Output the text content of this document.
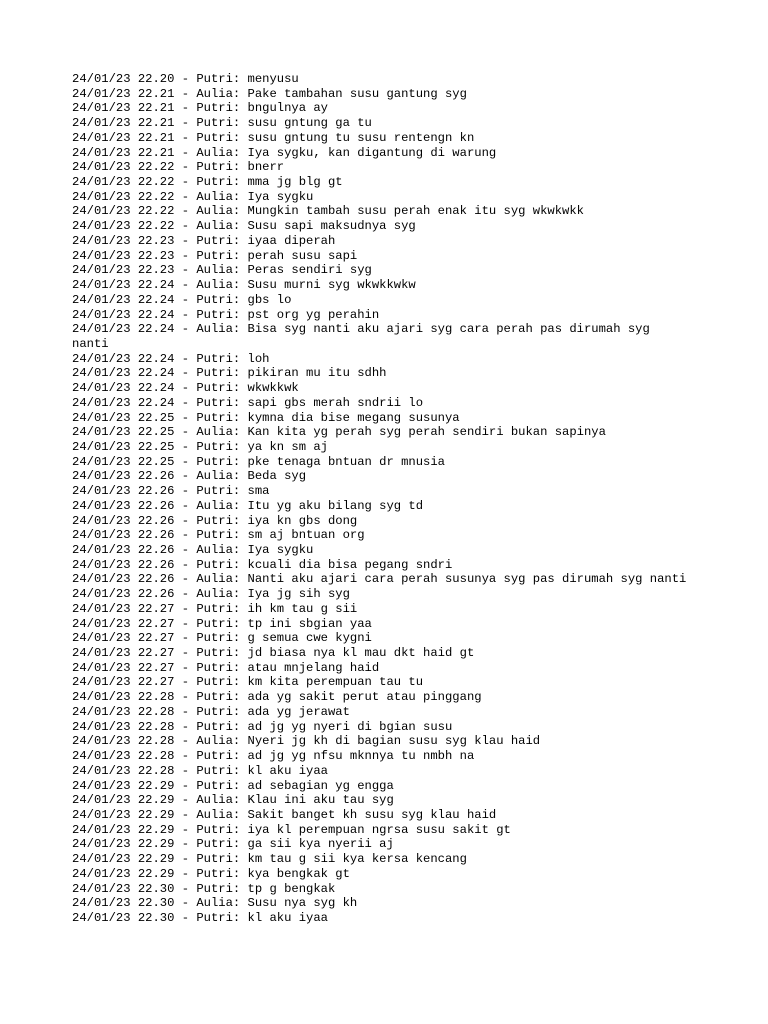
24/01/23 22.20 - Putri: menyusu

24/01/23 22.21 - Aulia: Pake tambahan susu gantung syg

24/01/23 22.21 - Putri: bngulnya ay

24/01/23 22.21 - Putri: susu gntung ga tu

24/01/23 22.21 - Putri: susu gntung tu susu rentengn kn

24/01/23 22.21 - Aulia: Iya sygku, kan digantung di warung

24/01/23 22.22 - Putri: bnerr

24/01/23 22.22 - Putri: mma jg blg gt

24/01/23 22.22 - Aulia: Iya sygku

24/01/23 22.22 - Aulia: Mungkin tambah susu perah enak itu syg wkwkwkk

24/01/23 22.22 - Aulia: Susu sapi maksudnya syg

24/01/23 22.23 - Putri: iyaa diperah

24/01/23 22.23 - Putri: perah susu sapi

24/01/23 22.23 - Aulia: Peras sendiri syg

24/01/23 22.24 - Aulia: Susu murni syg wkwkkwkw

24/01/23 22.24 - Putri: gbs lo

24/01/23 22.24 - Putri: pst org yg perahin

24/01/23 22.24 - Aulia: Bisa syg nanti aku ajari syg cara perah pas dirumah syg nanti

24/01/23 22.24 - Putri: loh

24/01/23 22.24 - Putri: pikiran mu itu sdhh

24/01/23 22.24 - Putri: wkwkkwk

24/01/23 22.24 - Putri: sapi gbs merah sndrii lo

24/01/23 22.25 - Putri: kymna dia bise megang susunya

24/01/23 22.25 - Aulia: Kan kita yg perah syg perah sendiri bukan sapinya

24/01/23 22.25 - Putri: ya kn sm aj

24/01/23 22.25 - Putri: pke tenaga bntuan dr mnusia

24/01/23 22.26 - Aulia: Beda syg

24/01/23 22.26 - Putri: sma

24/01/23 22.26 - Aulia: Itu yg aku bilang syg td

24/01/23 22.26 - Putri: iya kn gbs dong

24/01/23 22.26 - Putri: sm aj bntuan org

24/01/23 22.26 - Aulia: Iya sygku

24/01/23 22.26 - Putri: kcuali dia bisa pegang sndri

24/01/23 22.26 - Aulia: Nanti aku ajari cara perah susunya syg pas dirumah syg nanti

24/01/23 22.26 - Aulia: Iya jg sih syg

24/01/23 22.27 - Putri: ih km tau g sii

24/01/23 22.27 - Putri: tp ini sbgian yaa

24/01/23 22.27 - Putri: g semua cwe kygni

24/01/23 22.27 - Putri: jd biasa nya kl mau dkt haid gt

24/01/23 22.27 - Putri: atau mnjelang haid

24/01/23 22.27 - Putri: km kita perempuan tau tu

24/01/23 22.28 - Putri: ada yg sakit perut atau pinggang

24/01/23 22.28 - Putri: ada yg jerawat

24/01/23 22.28 - Putri: ad jg yg nyeri di bgian susu

24/01/23 22.28 - Aulia: Nyeri jg kh di bagian susu syg klau haid

24/01/23 22.28 - Putri: ad jg yg nfsu mknnya tu nmbh na

24/01/23 22.28 - Putri: kl aku iyaa

24/01/23 22.29 - Putri: ad sebagian yg engga

24/01/23 22.29 - Aulia: Klau ini aku tau syg

24/01/23 22.29 - Aulia: Sakit banget kh susu syg klau haid

24/01/23 22.29 - Putri: iya kl perempuan ngrsa susu sakit gt

24/01/23 22.29 - Putri: ga sii kya nyerii aj

24/01/23 22.29 - Putri: km tau g sii kya kersa kencang

24/01/23 22.29 - Putri: kya bengkak gt

24/01/23 22.30 - Putri: tp g bengkak

24/01/23 22.30 - Aulia: Susu nya syg kh

24/01/23 22.30 - Putri: kl aku iyaa
